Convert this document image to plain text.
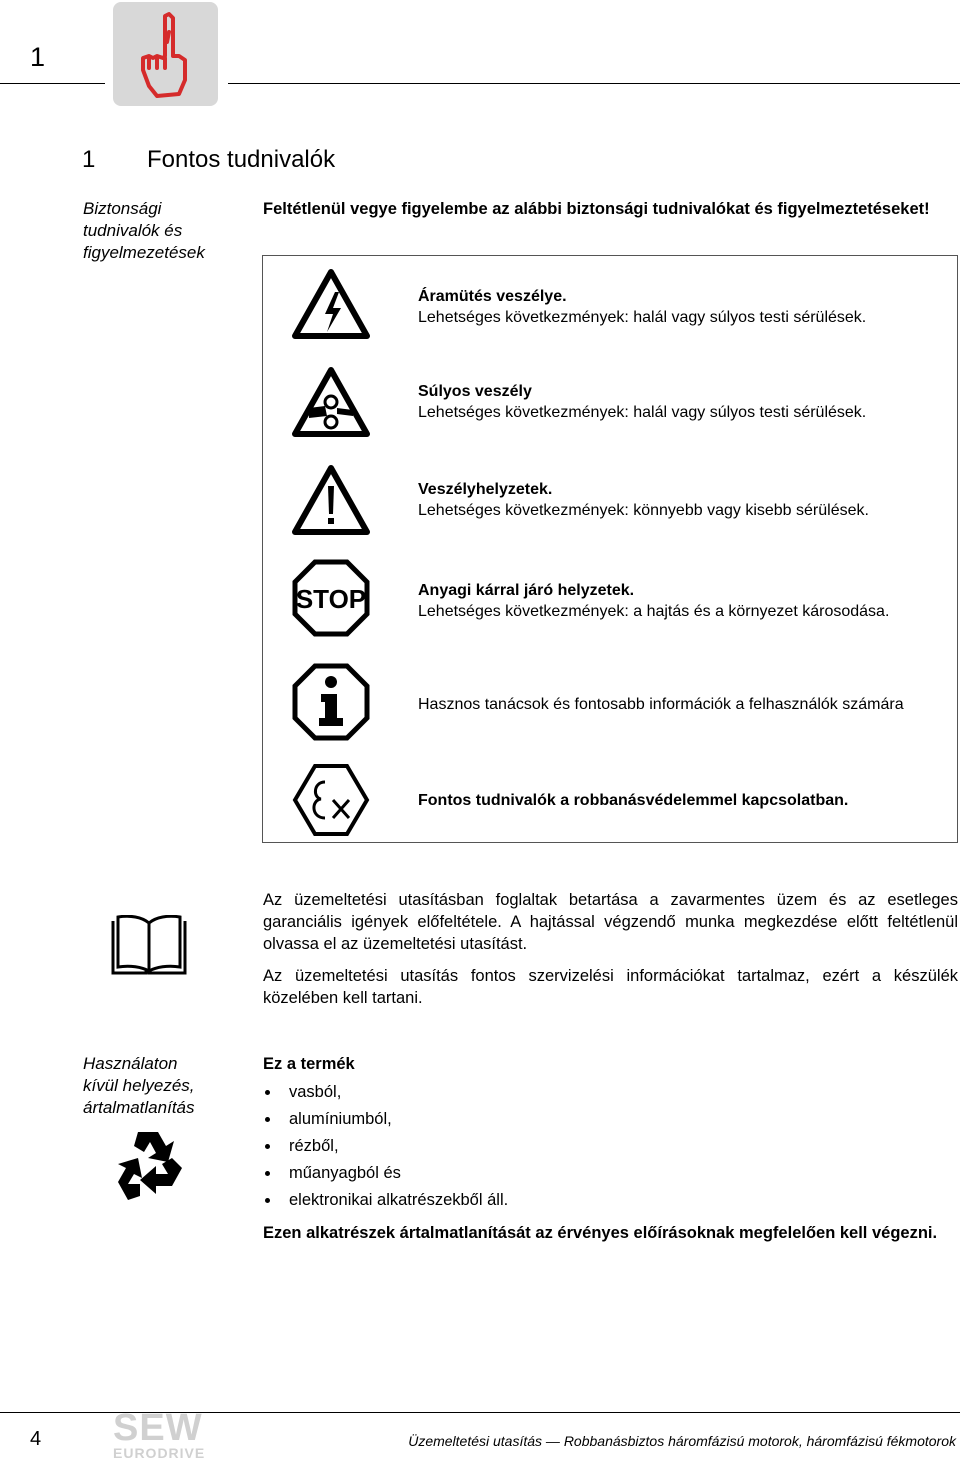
1
1 Fontos tudnivalók
Biztonsági
tudnivalók és
figyelmezetések
Feltétlenül vegye figyelembe az alábbi biztonsági tudnivalókat és figyelmeztetéseket!
Áramütés veszélye.
Lehetséges következmények: halál vagy súlyos testi sérülések.
Súlyos veszély
Lehetséges következmények: halál vagy súlyos testi sérülések.
Veszélyhelyzetek.
Lehetséges következmények: könnyebb vagy kisebb sérülések.
STOP	Anyagi kárral járó helyzetek.
Lehetséges következmények: a hajtás és a környezet károsodása.
Hasznos tanácsok és fontosabb információk a felhasználók számára
Fontos tudnivalók a robbanásvédelemmel kapcsolatban.
Az üzemeltetési utasításban foglaltak betartása a zavarmentes üzem és az esetleges garanciális igények előfeltétele. A hajtással végzendő munka megkezdése előtt feltétlenül olvassa el az üzemeltetési utasítást.
Az üzemeltetési utasítás fontos szervizelési információkat tartalmaz, ezért a készülék közelében kell tartani.
Használaton
kívül helyezés,
ártalmatlanítás
Ez a termék
vasból,
alumíniumból,
rézből,
műanyagból és
elektronikai alkatrészekből áll.
Ezen alkatrészek ártalmatlanítását az érvényes előírásoknak megfelelően kell végezni.
4 SEW
EURODRIVE
Üzemeltetési utasítás — Robbanásbiztos háromfázisú motorok, háromfázisú fékmotorok
